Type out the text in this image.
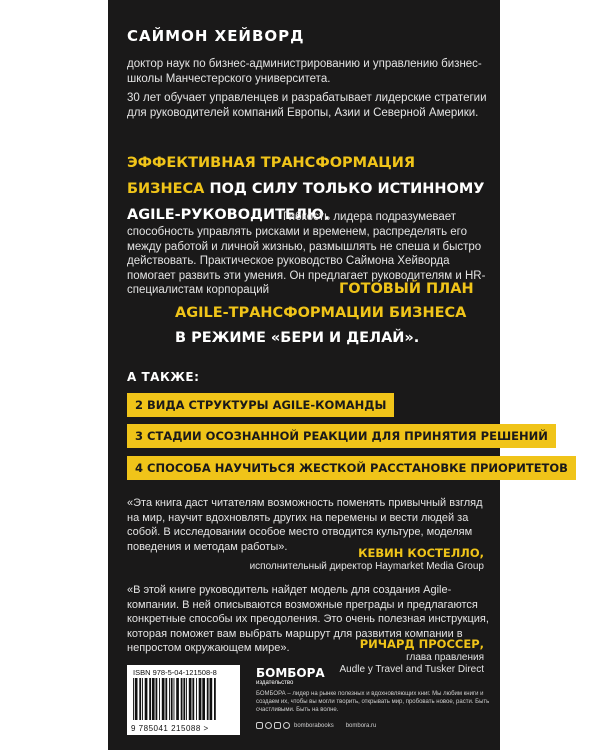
САЙМОН ХЕЙВОРД
доктор наук по бизнес-администрированию и управлению бизнес-школы Манчестерского университета.
30 лет обучает управленцев и разрабатывает лидерские стратегии для руководителей компаний Европы, Азии и Северной Америки.
ЭФФЕКТИВНАЯ ТРАНСФОРМАЦИЯ
БИЗНЕСА ПОД СИЛУ ТОЛЬКО ИСТИННОМУ
AGILE-РУКОВОДИТЕЛЮ.
Гибкость лидера подразумевает
способность управлять рисками и временем, распределять его между работой и личной жизнью, размышлять не спеша и быстро действовать. Практическое руководство Саймона Хейворда помогает развить эти умения. Он предлагает руководителям и HR-специалистам корпораций	ГОТОВЫЙ ПЛАН
AGILE-ТРАНСФОРМАЦИИ БИЗНЕСА
В РЕЖИМЕ «БЕРИ И ДЕЛАЙ».
А ТАКЖЕ:
2 ВИДА СТРУКТУРЫ AGILE-КОМАНДЫ
3 СТАДИИ ОСОЗНАННОЙ РЕАКЦИИ ДЛЯ ПРИНЯТИЯ РЕШЕНИЙ
4 СПОСОБА НАУЧИТЬСЯ ЖЕСТКОЙ РАССТАНОВКЕ ПРИОРИТЕТОВ
«Эта книга даст читателям возможность поменять привычный взгляд на мир, научит вдохновлять других на перемены и вести людей за собой. В исследовании особое место отводится культуре, моделям поведения и методам работы».	КЕВИН КОСТЕЛЛО,
исполнительный директор Haymarket Media Group
«В этой книге руководитель найдет модель для создания Agile-компании. В ней описываются возможные преграды и предлагаются конкретные способы их преодоления. Это очень полезная инструкция, которая поможет вам выбрать маршрут для развития компании в непростом окружающем мире».	РИЧАРД ПРОССЕР,
глава правления
Audle y Travel and Tusker Direct
ISBN 978-5-04-121508-8
9 785041 215088 >
БОМБОРА
издательство
БОМБОРА – лидер на рынке полезных и вдохновляющих книг. Мы любим книги и создаем их, чтобы вы могли творить, открывать мир, пробовать новое, расти. Быть счастливыми. Быть на волне.
bomborabooks bombora.ru
